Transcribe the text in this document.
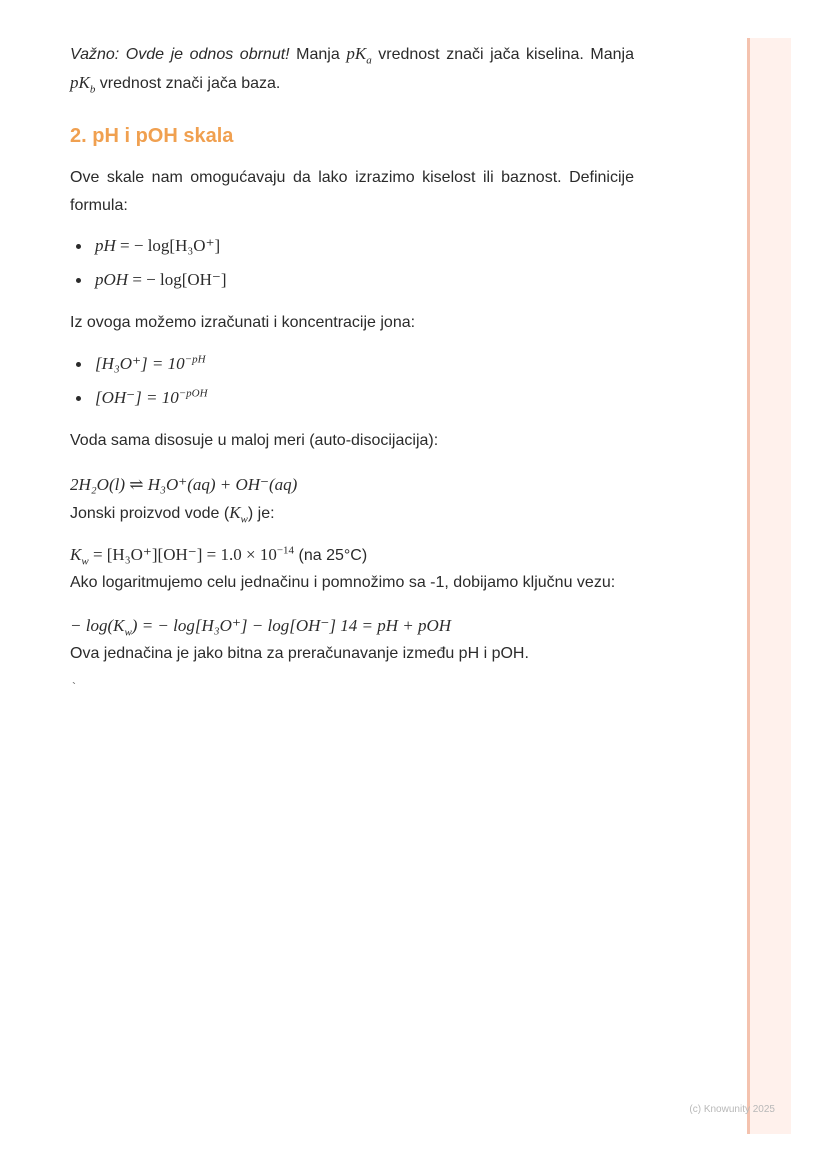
Važno: Ovde je odnos obrnut! Manja $pK_a$ vrednost znači jača kiselina. Manja $pK_b$ vrednost znači jača baza.

2. pH i pOH skala

Ove skale nam omogućavaju da lako izrazimo kiselost ili baznost. Definicije formula:

pH = − log[H₃O⁺]
pOH = − log[OH⁻]

Iz ovoga možemo izračunati i koncentracije jona:

$[H_3O^+] = 10^{-pH}$
$[OH^-] = 10^{-pOH}$

Voda sama disosuje u maloj meri (auto-disocijacija):

2H₂O(l) ⇌ H₃O⁺(aq) + OH⁻(aq)

Jonski proizvod vode $(K_w)$ je:

$K_w = [H_3O^+][OH^-] = 1.0 \times 10^{-14}$ (na 25°C)

Ako logaritmujemo celu jednačinu i pomnožimo sa -1, dobijamo ključnu vezu:

− $\log(K_w)$ = − log[H₃O⁺] − log[OH⁻] 14 = pH + pOH

Ova jednačina je jako bitna za preračunavanje između pH i pOH.

`
(c) Knowunity 2025
